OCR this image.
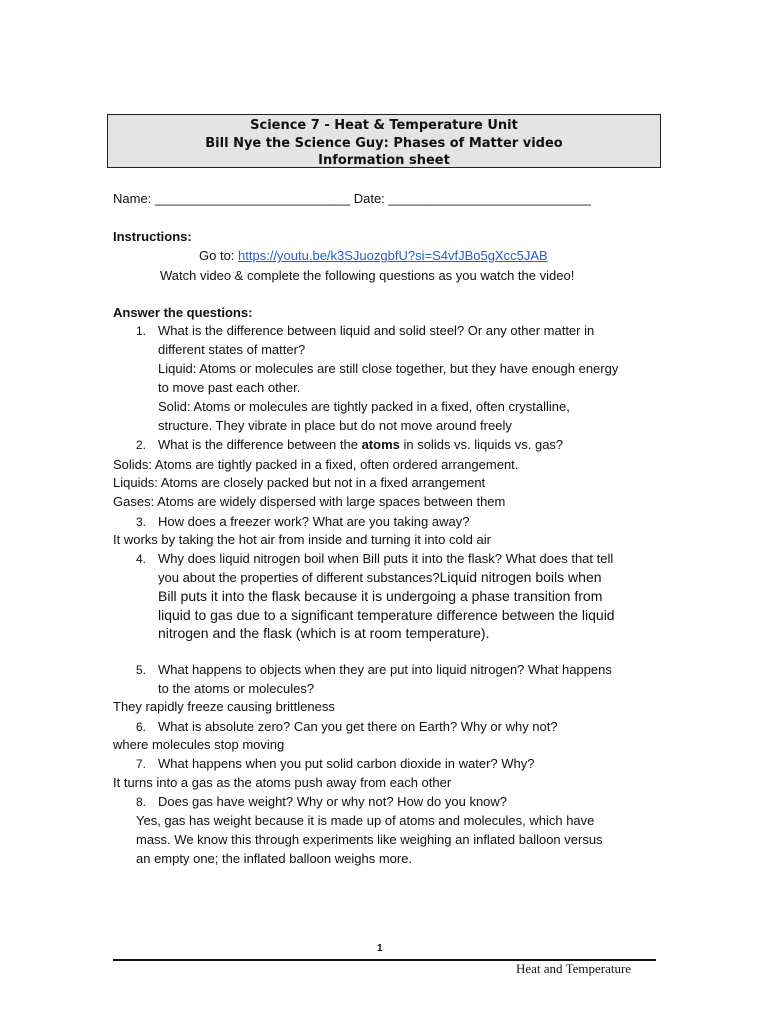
Science 7 - Heat & Temperature Unit
Bill Nye the Science Guy: Phases of Matter video
Information sheet
Name: ___________________________ Date: ____________________________
Instructions:
Go to: https://youtu.be/k3SJuozgbfU?si=S4vfJBo5gXcc5JAB
Watch video & complete the following questions as you watch the video!
Answer the questions:
1. What is the difference between liquid and solid steel? Or any other matter in
different states of matter?
Liquid: Atoms or molecules are still close together, but they have enough energy
to move past each other.
Solid: Atoms or molecules are tightly packed in a fixed, often crystalline,
structure. They vibrate in place but do not move around freely
2. What is the difference between the atoms in solids vs. liquids vs. gas?
Solids: Atoms are tightly packed in a fixed, often ordered arrangement.
Liquids: Atoms are closely packed but not in a fixed arrangement
Gases: Atoms are widely dispersed with large spaces between them
3. How does a freezer work? What are you taking away?
It works by taking the hot air from inside and turning it into cold air
4. Why does liquid nitrogen boil when Bill puts it into the flask? What does that tell
you about the properties of different substances?Liquid nitrogen boils when
Bill puts it into the flask because it is undergoing a phase transition from
liquid to gas due to a significant temperature difference between the liquid
nitrogen and the flask (which is at room temperature).
5. What happens to objects when they are put into liquid nitrogen? What happens
to the atoms or molecules?
They rapidly freeze causing brittleness
6. What is absolute zero? Can you get there on Earth? Why or why not?
where molecules stop moving
7. What happens when you put solid carbon dioxide in water? Why?
It turns into a gas as the atoms push away from each other
8. Does gas have weight? Why or why not? How do you know?
Yes, gas has weight because it is made up of atoms and molecules, which have
mass. We know this through experiments like weighing an inflated balloon versus
an empty one; the inflated balloon weighs more.
1
Heat and Temperature
